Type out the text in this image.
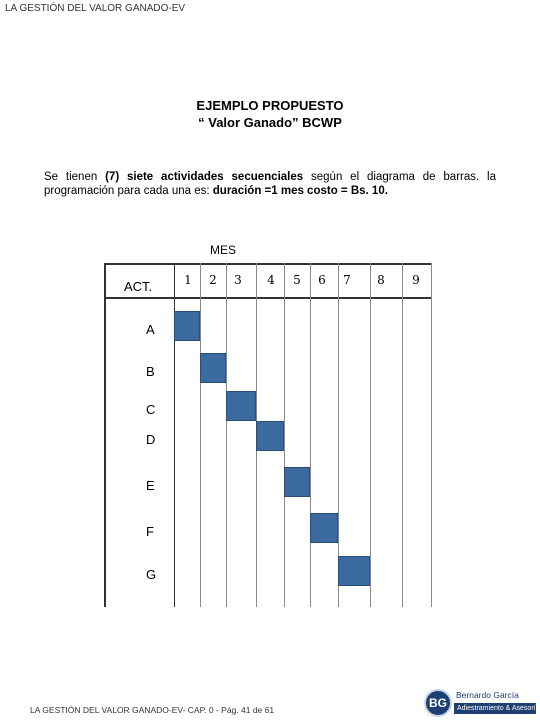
LA GESTIÓN DEL VALOR GANADO-EV
EJEMPLO PROPUESTO
“ Valor Ganado” BCWP
Se tienen (7) siete actividades secuenciales según el diagrama de barras. la
programación para cada una es: duración =1 mes costo = Bs. 10.
MES
LA GESTIÓN DEL VALOR GANADO-EV- CAP. 0 - Pág. 41 de 61	BG
Bernardo García
Adiestramiento & Asesoría
ACT.	1	2	3	4	5	6	7	8	9
A
B
C
D
E
F
G
